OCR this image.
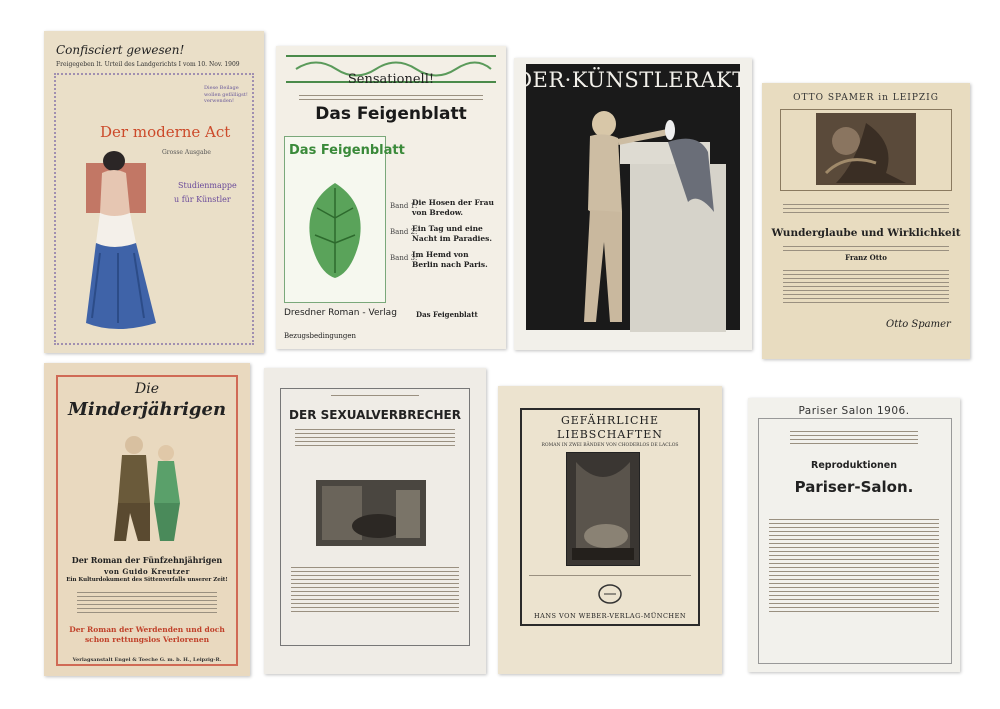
Confisciert gewesen!
Freigegeben lt. Urteil des Landgerichts I vom 10. Nov. 1909
Diese Beilage wollen gefälligst! verwenden!
Der moderne Act
Grosse Ausgabe
Studienmappe
u für Künstler
Sensationell!
Das Feigenblatt
Das Feigenblatt
Band 1:
Die Hosen der Frau von Bredow.
Band 2:
Ein Tag und eine Nacht im Paradies.
Band 3:
Im Hemd von Berlin nach Paris.
Dresdner Roman - Verlag
Bezugsbedingungen
Das Feigenblatt
DER·KÜNSTLERAKT.
OTTO SPAMER in LEIPZIG
Wunderglaube und Wirklichkeit
Franz Otto
Otto Spamer
Die
Minderjährigen
Der Roman der Fünfzehnjährigen
von Guido Kreutzer
Ein Kulturdokument des Sittenverfalls unserer Zeit!
Der Roman der Werdenden und doch schon rettungslos Verlorenen
Verlagsanstalt Engel & Toeche G. m. b. H., Leipzig-R.
DER SEXUALVERBRECHER	GEFÄHRLICHE
LIEBSCHAFTEN
ROMAN IN ZWEI BÄNDEN VON CHODERLOS DE LACLOS
HANS VON WEBER-VERLAG-MÜNCHEN
Pariser Salon 1906.
Reproduktionen
Pariser-Salon.
